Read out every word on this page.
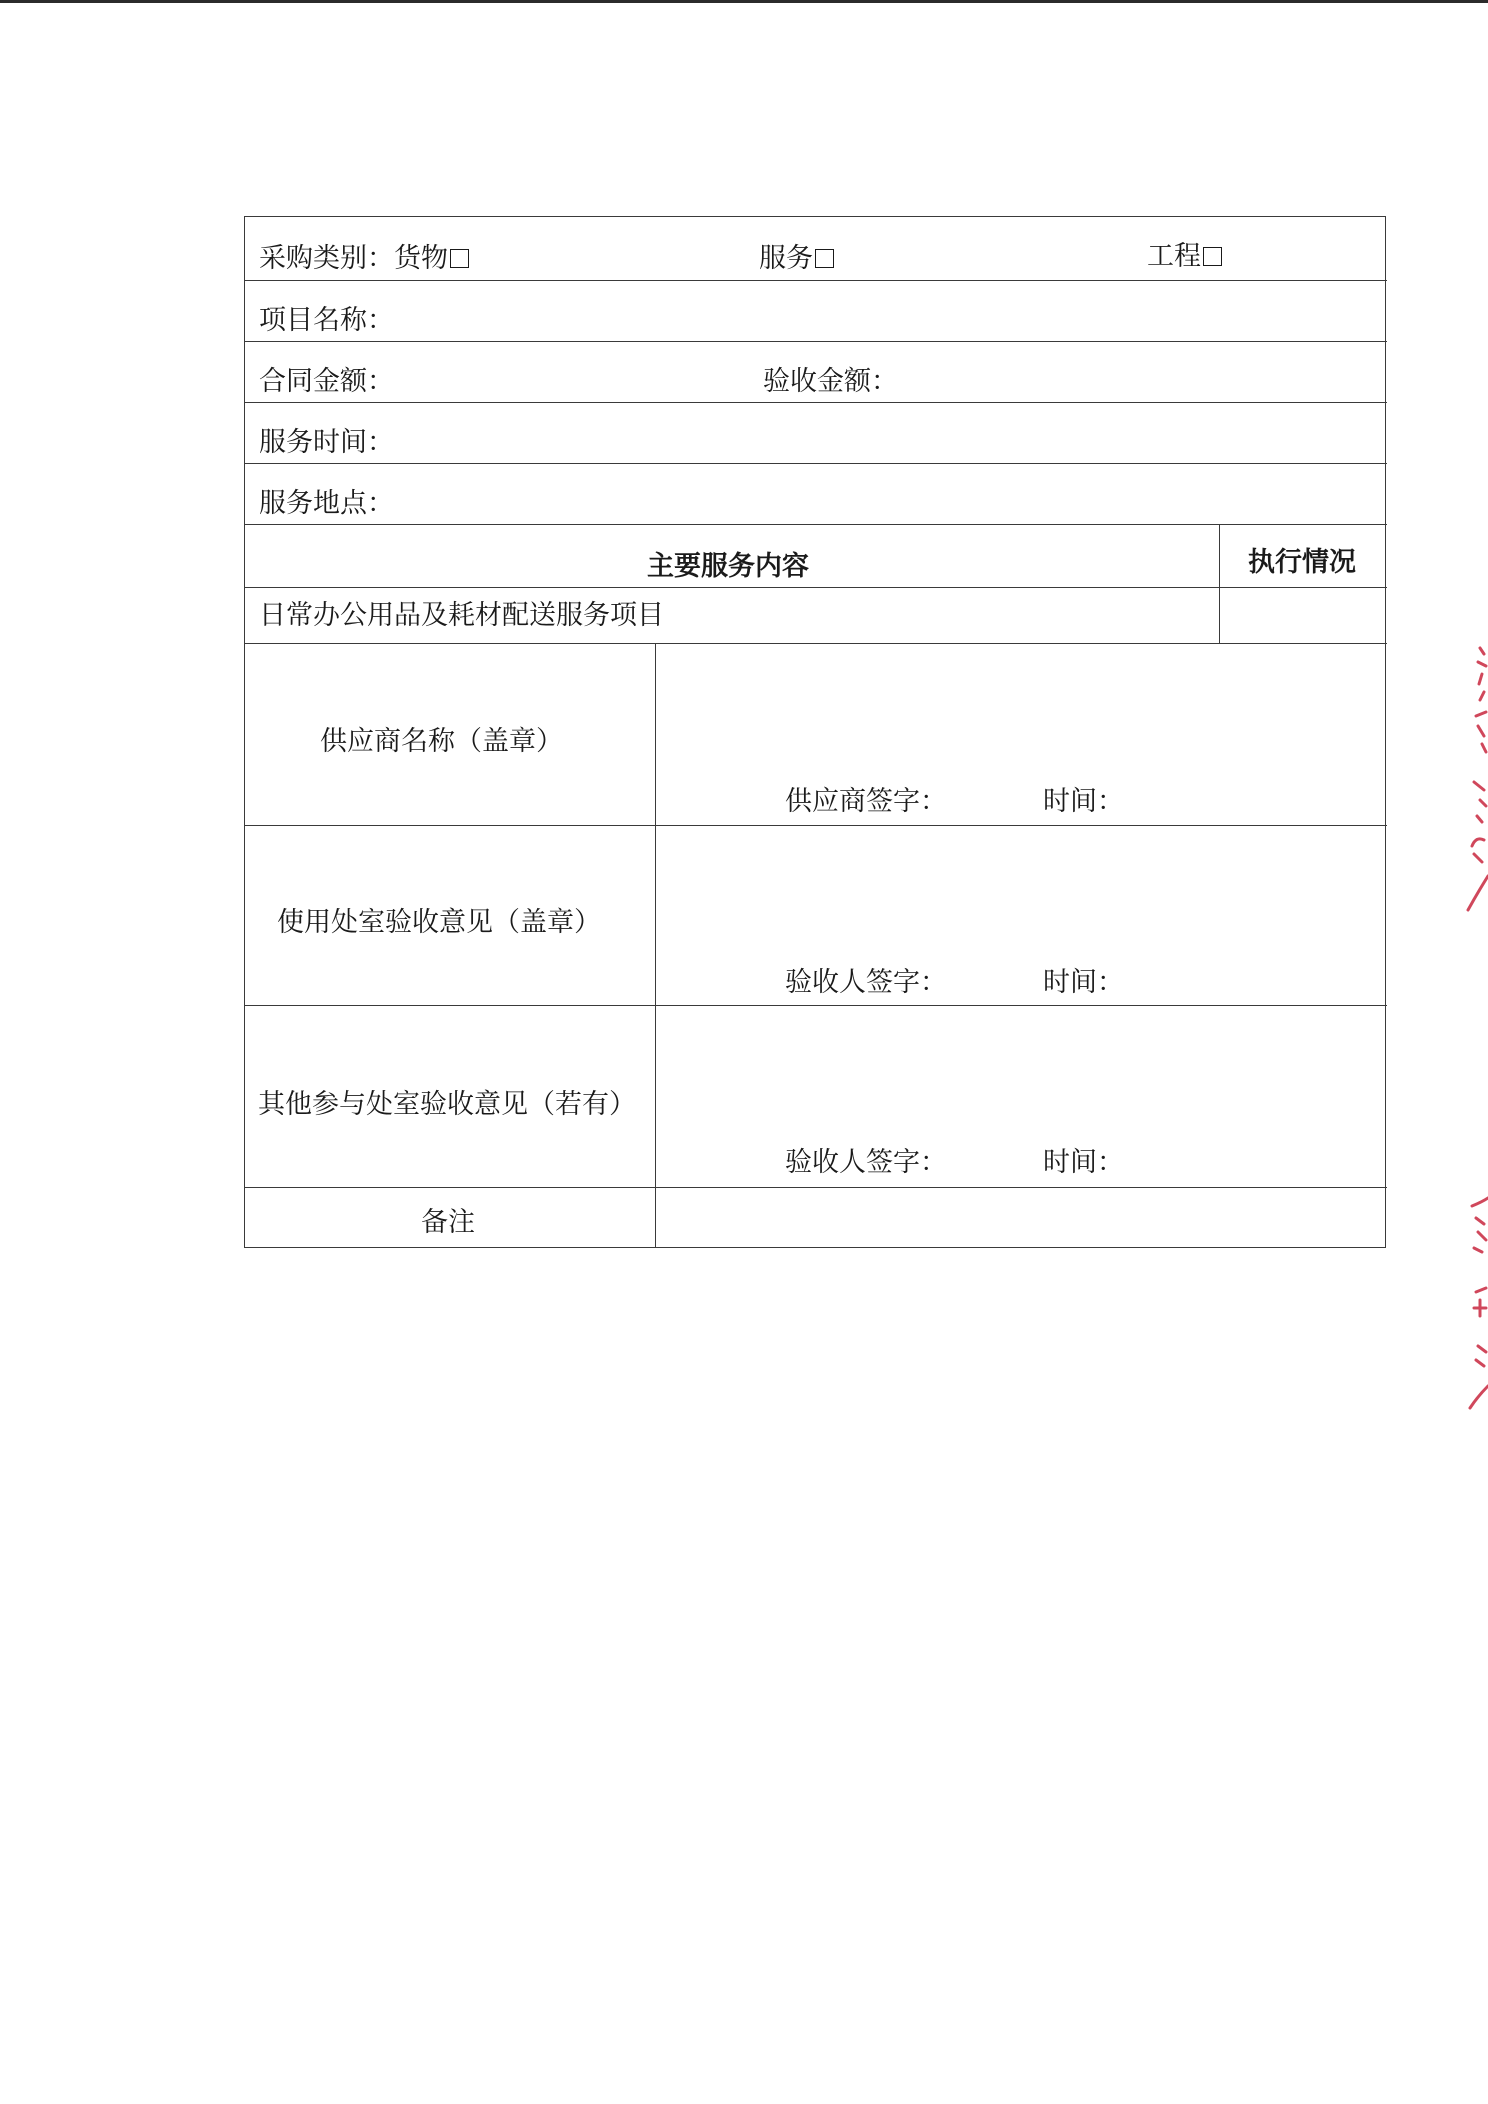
采购类别：货物	服务	工程
项目名称：
合同金额：	验收金额：
服务时间：
服务地点：
主要服务内容	执行情况
日常办公用品及耗材配送服务项目
供应商名称（盖章）
供应商签字：	时间：
使用处室验收意见（盖章）
验收人签字：	时间：
其他参与处室验收意见（若有）
验收人签字：	时间：
备注
